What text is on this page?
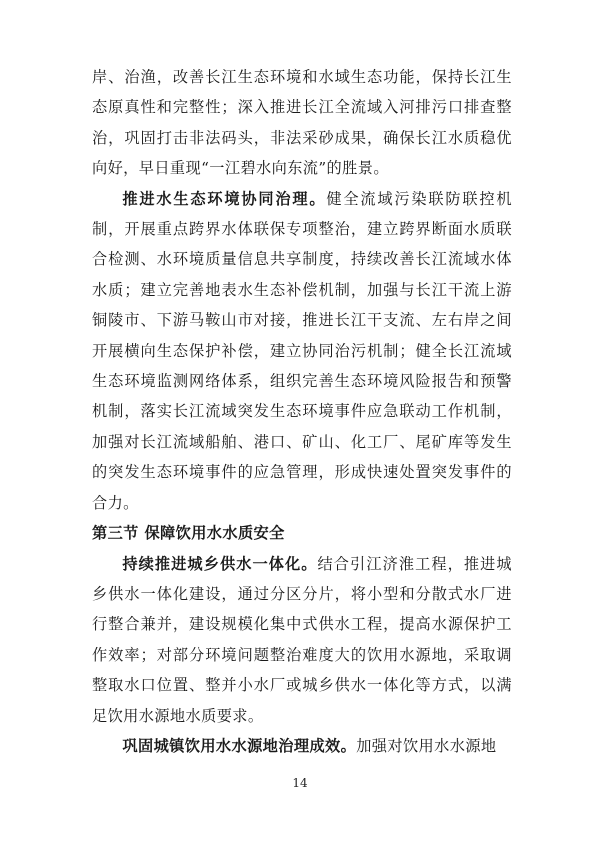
岸、治渔，改善长江生态环境和水域生态功能，保持长江生态原真性和完整性；深入推进长江全流域入河排污口排查整治，巩固打击非法码头，非法采砂成果，确保长江水质稳优向好，早日重现“一江碧水向东流”的胜景。

推进水生态环境协同治理。健全流域污染联防联控机制，开展重点跨界水体联保专项整治，建立跨界断面水质联合检测、水环境质量信息共享制度，持续改善长江流域水体水质；建立完善地表水生态补偿机制，加强与长江干流上游铜陵市、下游马鞍山市对接，推进长江干支流、左右岸之间开展横向生态保护补偿，建立协同治污机制；健全长江流域生态环境监测网络体系，组织完善生态环境风险报告和预警机制，落实长江流域突发生态环境事件应急联动工作机制，加强对长江流域船舶、港口、矿山、化工厂、尾矿库等发生的突发生态环境事件的应急管理，形成快速处置突发事件的合力。

第三节 保障饮用水水质安全

持续推进城乡供水一体化。结合引江济淮工程，推进城乡供水一体化建设，通过分区分片，将小型和分散式水厂进行整合兼并，建设规模化集中式供水工程，提高水源保护工作效率；对部分环境问题整治难度大的饮用水源地，采取调整取水口位置、整并小水厂或城乡供水一体化等方式，以满足饮用水源地水质要求。

巩固城镇饮用水水源地治理成效。加强对饮用水水源地

14
